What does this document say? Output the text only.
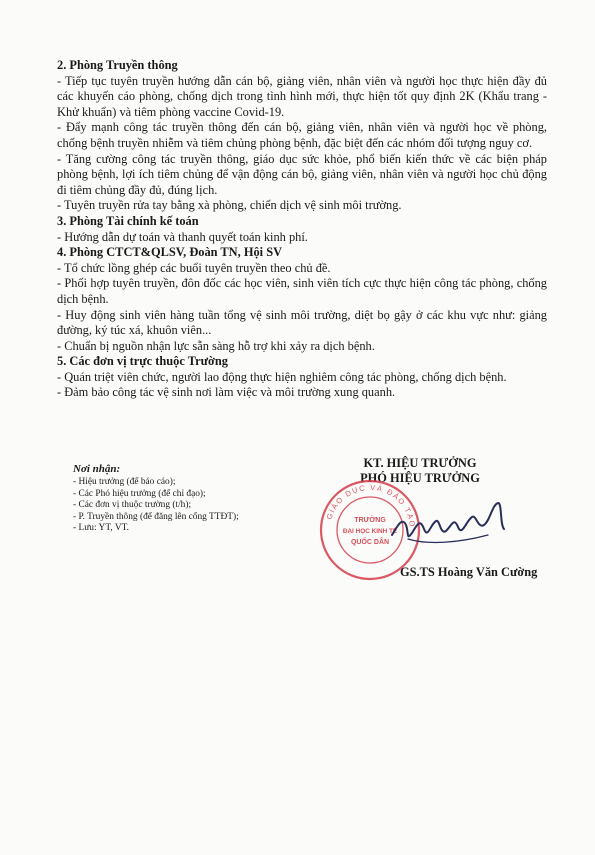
2. Phòng Truyền thông

- Tiếp tục tuyên truyền hướng dẫn cán bộ, giảng viên, nhân viên và người học thực hiện đầy đủ các khuyến cáo phòng, chống dịch trong tình hình mới, thực hiện tốt quy định 2K (Khẩu trang - Khử khuẩn) và tiêm phòng vaccine Covid-19.

- Đẩy mạnh công tác truyền thông đến cán bộ, giảng viên, nhân viên và người học về phòng, chống bệnh truyền nhiễm và tiêm chủng phòng bệnh, đặc biệt đến các nhóm đối tượng nguy cơ.

- Tăng cường công tác truyền thông, giáo dục sức khỏe, phổ biến kiến thức về các biện pháp phòng bệnh, lợi ích tiêm chủng để vận động cán bộ, giảng viên, nhân viên và người học chủ động đi tiêm chủng đầy đủ, đúng lịch.

- Tuyên truyền rửa tay bằng xà phòng, chiến dịch vệ sinh môi trường.

3. Phòng Tài chính kế toán

- Hướng dẫn dự toán và thanh quyết toán kinh phí.

4. Phòng CTCT&QLSV, Đoàn TN, Hội SV

- Tổ chức lồng ghép các buổi tuyên truyền theo chủ đề.

- Phối hợp tuyên truyền, đôn đốc các học viên, sinh viên tích cực thực hiện công tác phòng, chống dịch bệnh.

- Huy động sinh viên hàng tuần tổng vệ sinh môi trường, diệt bọ gậy ở các khu vực như: giảng đường, ký túc xá, khuôn viên...

- Chuẩn bị nguồn nhận lực sẵn sàng hỗ trợ khi xảy ra dịch bệnh.

5. Các đơn vị trực thuộc Trường

- Quán triệt viên chức, người lao động thực hiện nghiêm công tác phòng, chống dịch bệnh.

- Đảm bảo công tác vệ sinh nơi làm việc và môi trường xung quanh.

Nơi nhận:
- Hiệu trưởng (để báo cáo);
- Các Phó hiệu trưởng (để chỉ đạo);
- Các đơn vị thuộc trường (t/h);
- P. Truyền thông (để đăng lên cổng TTĐT);
- Lưu: YT, VT.
KT. HIỆU TRƯỞNG
PHÓ HIỆU TRƯỞNG
GIÁO DỤC VÀ ĐÀO TẠO
TRƯỜNG
ĐẠI HỌC KINH TẾ
QUỐC DÂN
GS.TS Hoàng Văn Cường
